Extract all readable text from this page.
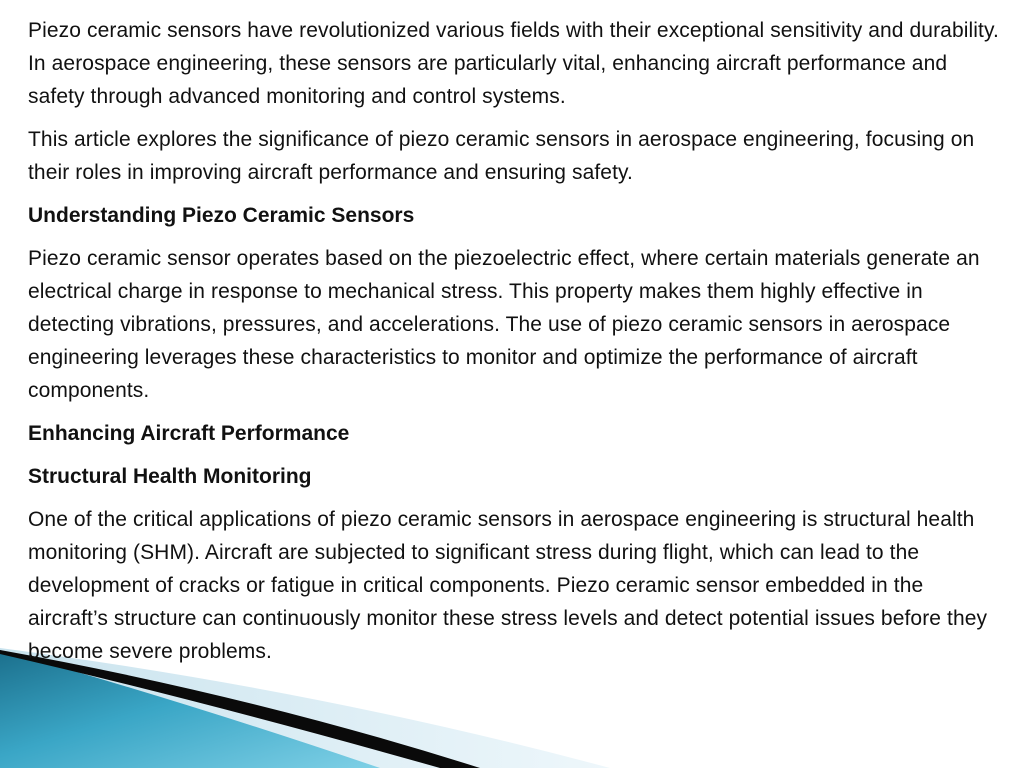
Piezo ceramic sensors have revolutionized various fields with their exceptional sensitivity and durability. In aerospace engineering, these sensors are particularly vital, enhancing aircraft performance and safety through advanced monitoring and control systems.

This article explores the significance of piezo ceramic sensors in aerospace engineering, focusing on their roles in improving aircraft performance and ensuring safety.

Understanding Piezo Ceramic Sensors

Piezo ceramic sensor operates based on the piezoelectric effect, where certain materials generate an electrical charge in response to mechanical stress. This property makes them highly effective in detecting vibrations, pressures, and accelerations. The use of piezo ceramic sensors in aerospace engineering leverages these characteristics to monitor and optimize the performance of aircraft components.

Enhancing Aircraft Performance

Structural Health Monitoring

One of the critical applications of piezo ceramic sensors in aerospace engineering is structural health monitoring (SHM). Aircraft are subjected to significant stress during flight, which can lead to the development of cracks or fatigue in critical components. Piezo ceramic sensor embedded in the aircraft’s structure can continuously monitor these stress levels and detect potential issues before they become severe problems.
